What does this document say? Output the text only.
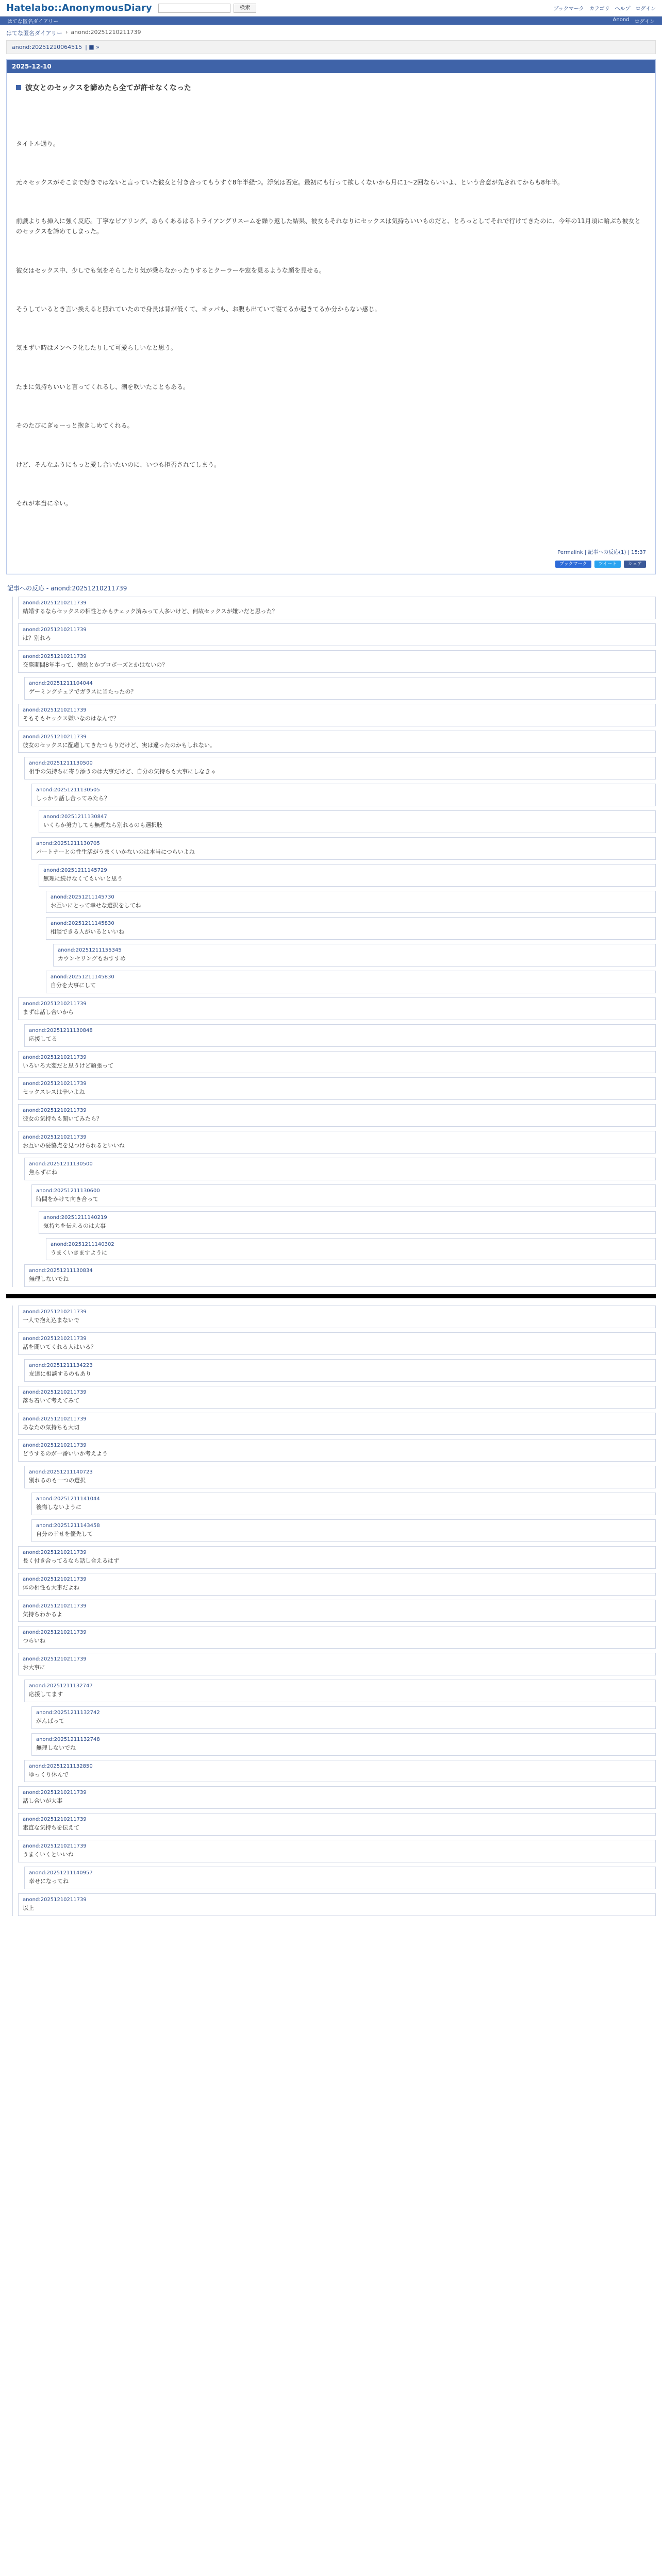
Hatelabo::AnonymousDiary	検索	ブックマーク カテゴリ ヘルプ ログイン
はてな匿名ダイアリー	Anond ログイン
はてな匿名ダイアリー › anond:20251210211739
anond:20251210064515 | ■ »
2025-12-10
彼女とのセックスを諦めたら全てが許せなくなった

タイトル通り。

元々セックスがそこまで好きではないと言っていた彼女と付き合ってもうすぐ8年半経つ。浮気は否定。最初にも行って欲しくないから月に1〜2回ならいいよ、という合意が先されてからも8年半。

前戯よりも挿入に強く反応。丁寧なピアリング、あらくあるはるトライアングリスームを繰り返した結果、彼女もそれなりにセックスは気持ちいいものだと、とろっとしてそれで行けてきたのに、今年の11月頃に輪ぶち彼女とのセックスを諦めてしまった。

彼女はセックス中、少しでも気をそらしたり気が乗らなかったりするとクーラーや窓を見るような顔を見せる。

そうしているとき言い換えると照れていたので身長は背が低くて、オッパも、お腹も出ていて寝てるか起きてるか分からない感じ。

気まずい時はメンヘラ化したりして可愛らしいなと思う。

たまに気持ちいいと言ってくれるし、潮を吹いたこともある。

そのたびにぎゅーっと抱きしめてくれる。

けど、そんなふうにもっと愛し合いたいのに、いつも拒否されてしまう。

それが本当に辛い。

Permalink | 記事への反応(1) | 15:37
ブックマーク	ツイート	シェア
記事への反応 - anond:20251210211739
anond:20251210211739
結婚するならセックスの相性とかもチェック済みって人多いけど、何故セックスが嫌いだと思った？
anond:20251210211739
は？別れろ
anond:20251210211739
交際期間8年半って、婚約とかプロポーズとかはないの？
anond:20251211104044
ゲーミングチェアでガラスに当たったの？
anond:20251210211739
そもそもセックス嫌いなのはなんで？
anond:20251210211739
彼女のセックスに配慮してきたつもりだけど、実は違ったのかもしれない。
anond:20251211130500
相手の気持ちに寄り添うのは大事だけど、自分の気持ちも大事にしなきゃ
anond:20251211130505
しっかり話し合ってみたら？
anond:20251211130847
いくらか努力しても無理なら別れるのも選択肢
anond:20251211130705
パートナーとの性生活がうまくいかないのは本当につらいよね
anond:20251211145729
無理に続けなくてもいいと思う
anond:20251211145730
お互いにとって幸せな選択をしてね
anond:20251211145830
相談できる人がいるといいね
anond:20251211155345
カウンセリングもおすすめ
anond:20251211145830
自分を大事にして
anond:20251210211739
まずは話し合いから
anond:20251211130848
応援してる
anond:20251210211739
いろいろ大変だと思うけど頑張って
anond:20251210211739
セックスレスは辛いよね
anond:20251210211739
彼女の気持ちも聞いてみたら？
anond:20251210211739
お互いの妥協点を見つけられるといいね
anond:20251211130500
焦らずにね
anond:20251211130600
時間をかけて向き合って
anond:20251211140219
気持ちを伝えるのは大事
anond:20251211140302
うまくいきますように
anond:20251211130834
無理しないでね
anond:20251210211739
一人で抱え込まないで
anond:20251210211739
話を聞いてくれる人はいる？
anond:20251211134223
友達に相談するのもあり
anond:20251210211739
落ち着いて考えてみて
anond:20251210211739
あなたの気持ちも大切
anond:20251210211739
どうするのが一番いいか考えよう
anond:20251211140723
別れるのも一つの選択
anond:20251211141044
後悔しないように
anond:20251211143458
自分の幸せを優先して
anond:20251210211739
長く付き合ってるなら話し合えるはず
anond:20251210211739
体の相性も大事だよね
anond:20251210211739
気持ちわかるよ
anond:20251210211739
つらいね
anond:20251210211739
お大事に
anond:20251211132747
応援してます
anond:20251211132742
がんばって
anond:20251211132748
無理しないでね
anond:20251211132850
ゆっくり休んで
anond:20251210211739
話し合いが大事
anond:20251210211739
素直な気持ちを伝えて
anond:20251210211739
うまくいくといいね
anond:20251211140957
幸せになってね
anond:20251210211739
以上
